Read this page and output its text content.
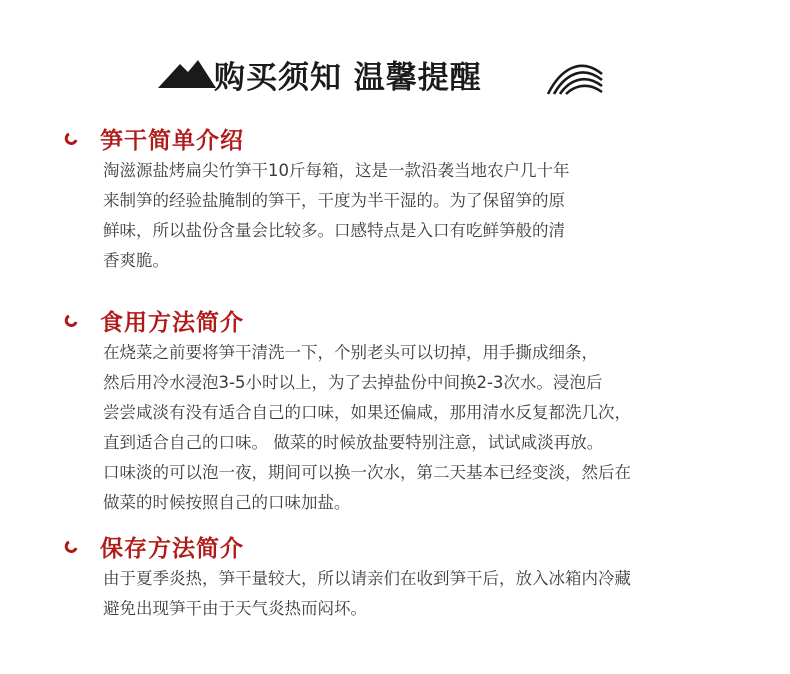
购买须知 温馨提醒
笋干简单介绍
淘滋源盐烤扁尖竹笋干10斤每箱，这是一款沿袭当地农户几十年
来制笋的经验盐腌制的笋干，干度为半干湿的。为了保留笋的原
鲜味，所以盐份含量会比较多。口感特点是入口有吃鲜笋般的清
香爽脆。
食用方法简介
在烧菜之前要将笋干清洗一下，个别老头可以切掉，用手撕成细条，
然后用冷水浸泡3-5小时以上，为了去掉盐份中间换2-3次水。浸泡后
尝尝咸淡有没有适合自己的口味，如果还偏咸，那用清水反复都洗几次，
直到适合自己的口味。 做菜的时候放盐要特别注意，试试咸淡再放。
口味淡的可以泡一夜，期间可以换一次水，第二天基本已经变淡，然后在
做菜的时候按照自己的口味加盐。
保存方法简介
由于夏季炎热，笋干量较大，所以请亲们在收到笋干后，放入冰箱内冷藏
避免出现笋干由于天气炎热而闷坏。
